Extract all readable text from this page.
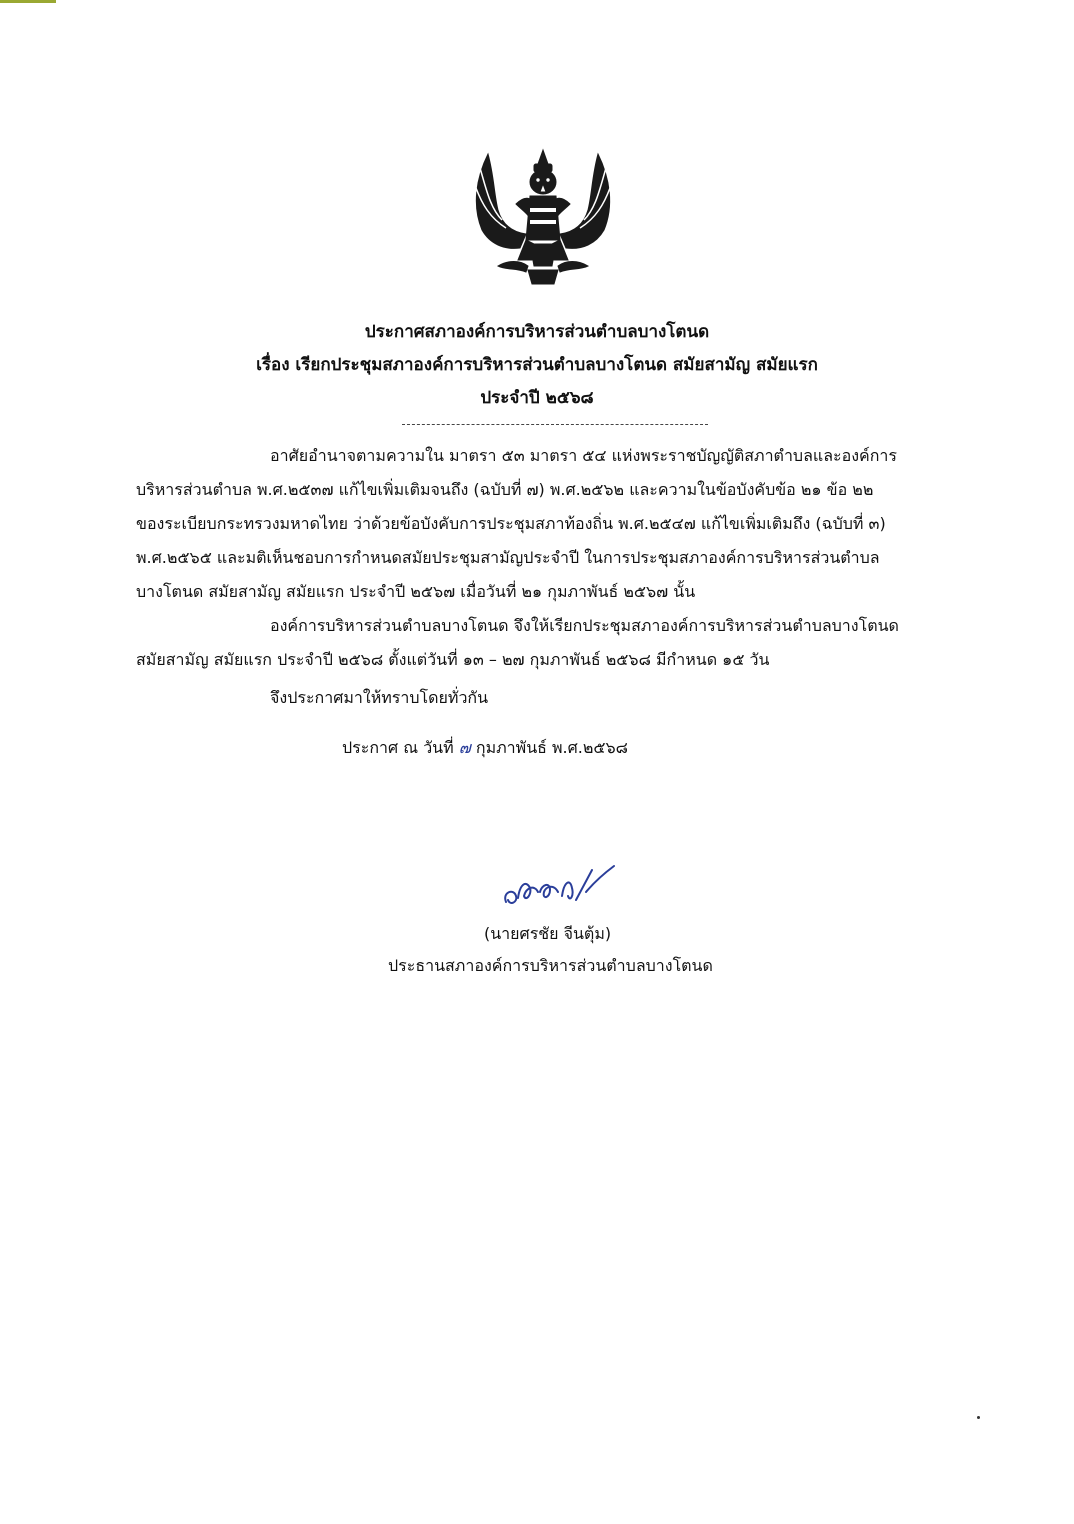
ประกาศสภาองค์การบริหารส่วนตำบลบางโตนด
เรื่อง เรียกประชุมสภาองค์การบริหารส่วนตำบลบางโตนด สมัยสามัญ สมัยแรก
ประจำปี ๒๕๖๘
อาศัยอำนาจตามความใน มาตรา ๕๓ มาตรา ๕๔ แห่งพระราชบัญญัติสภาตำบลและองค์การ
บริหารส่วนตำบล พ.ศ.๒๕๓๗ แก้ไขเพิ่มเติมจนถึง (ฉบับที่ ๗) พ.ศ.๒๕๖๒ และความในข้อบังคับข้อ ๒๑ ข้อ ๒๒
ของระเบียบกระทรวงมหาดไทย ว่าด้วยข้อบังคับการประชุมสภาท้องถิ่น พ.ศ.๒๕๔๗ แก้ไขเพิ่มเติมถึง (ฉบับที่ ๓)
พ.ศ.๒๕๖๕ และมติเห็นชอบการกำหนดสมัยประชุมสามัญประจำปี ในการประชุมสภาองค์การบริหารส่วนตำบล
บางโตนด สมัยสามัญ สมัยแรก ประจำปี ๒๕๖๗ เมื่อวันที่ ๒๑ กุมภาพันธ์ ๒๕๖๗ นั้น
องค์การบริหารส่วนตำบลบางโตนด จึงให้เรียกประชุมสภาองค์การบริหารส่วนตำบลบางโตนด
สมัยสามัญ สมัยแรก ประจำปี ๒๕๖๘ ตั้งแต่วันที่ ๑๓ – ๒๗ กุมภาพันธ์ ๒๕๖๘ มีกำหนด ๑๕ วัน
จึงประกาศมาให้ทราบโดยทั่วกัน
ประกาศ ณ วันที่ ๗ กุมภาพันธ์ พ.ศ.๒๕๖๘
(นายศรชัย จีนตุ้ม)
ประธานสภาองค์การบริหารส่วนตำบลบางโตนด
